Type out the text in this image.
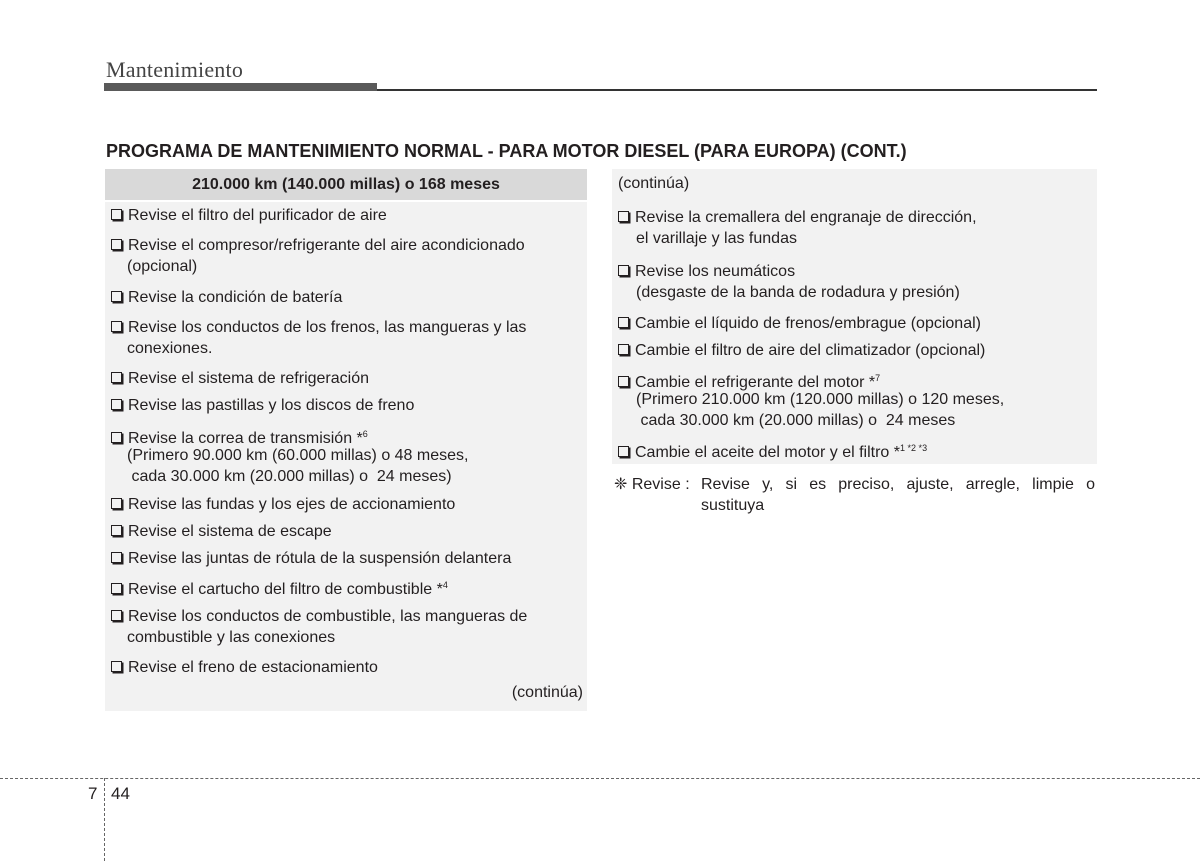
Mantenimiento
PROGRAMA DE MANTENIMIENTO NORMAL - PARA MOTOR DIESEL (PARA EUROPA) (CONT.)
210.000 km (140.000 millas) o 168 meses
Revise el filtro del purificador de aire
Revise el compresor/refrigerante del aire acondicionado
(opcional)
Revise la condición de batería
Revise los conductos de los frenos, las mangueras y las
conexiones.
Revise el sistema de refrigeración
Revise las pastillas y los discos de freno
Revise la correa de transmisión *$^6$
(Primero 90.000 km (60.000 millas) o 48 meses,
cada 30.000 km (20.000 millas) o  24 meses)
Revise las fundas y los ejes de accionamiento
Revise el sistema de escape
Revise las juntas de rótula de la suspensión delantera
Revise el cartucho del filtro de combustible *$^4$
Revise los conductos de combustible, las mangueras de
combustible y las conexiones
Revise el freno de estacionamiento
(continúa)
(continúa)
Revise la cremallera del engranaje de dirección,
el varillaje y las fundas
Revise los neumáticos
(desgaste de la banda de rodadura y presión)
Cambie el líquido de frenos/embrague (opcional)
Cambie el filtro de aire del climatizador (opcional)
Cambie el refrigerante del motor *$^7$
(Primero 210.000 km (120.000 millas) o 120 meses,
cada 30.000 km (20.000 millas) o  24 meses
Cambie el aceite del motor y el filtro *$^1$ $^{*2}$ $^{*3}$
❈ Revise : Revise y, si es preciso, ajuste, arregle, limpie o sustituya
7 44
